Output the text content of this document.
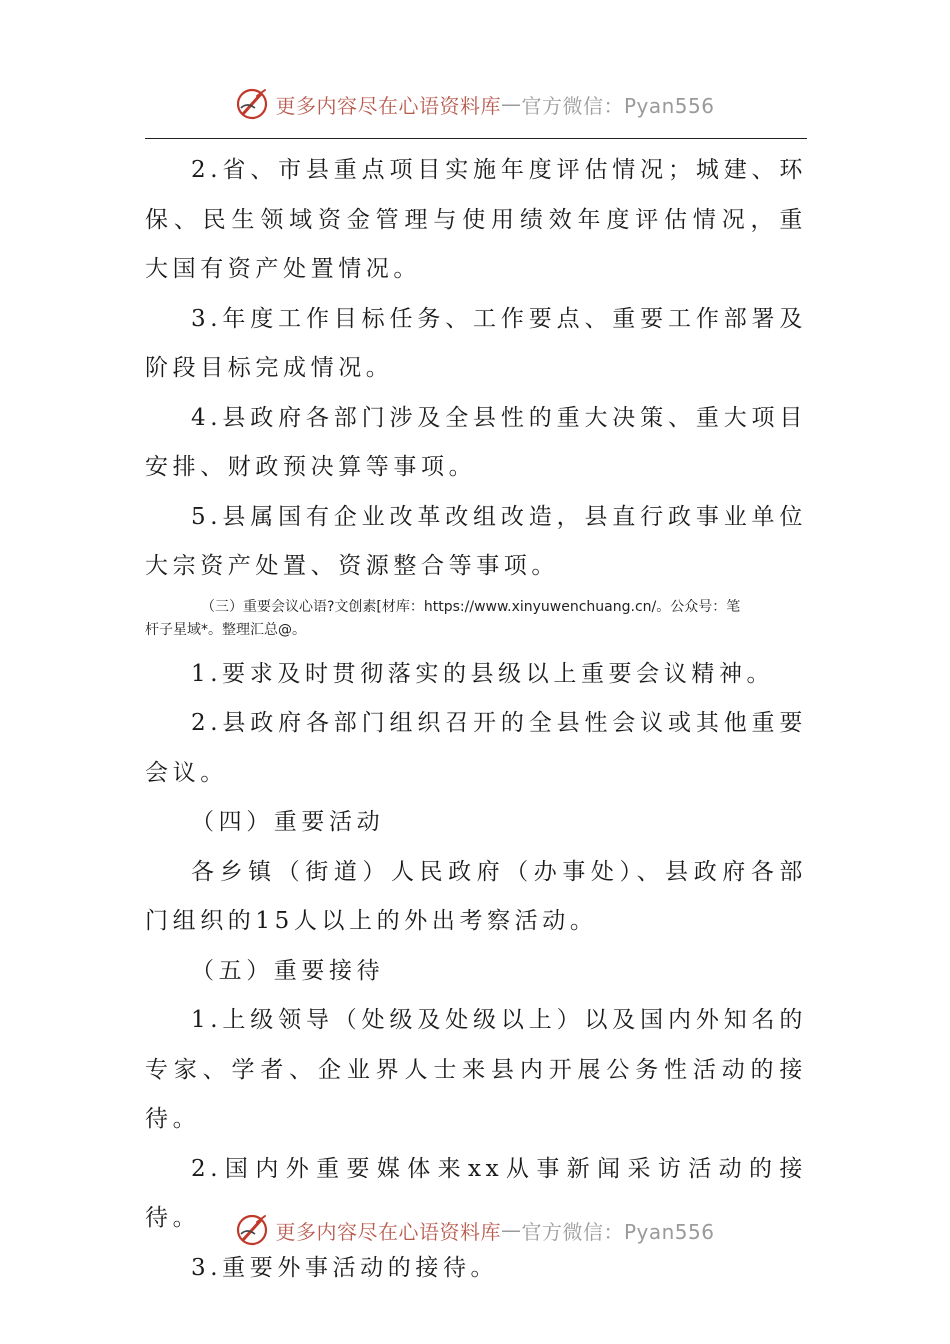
更多内容尽在心语资料库 — 官方微信：Pyan556

2.省、市县重点项目实施年度评估情况；城建、环保、民生领域资金管理与使用绩效年度评估情况，重大国有资产处置情况。

3.年度工作目标任务、工作要点、重要工作部署及阶段目标完成情况。

4.县政府各部门涉及全县性的重大决策、重大项目安排、财政预决算等事项。

5.县属国有企业改革改组改造，县直行政事业单位大宗资产处置、资源整合等事项。

（三）重要会议心语?文创素[材库：https://www.xinyuwenchuang.cn/。公众号：笔
杆子星域*。整理汇总@。

1.要求及时贯彻落实的县级以上重要会议精神。

2.县政府各部门组织召开的全县性会议或其他重要会议。

（四）重要活动

各乡镇（街道）人民政府（办事处）、县政府各部门组织的15人以上的外出考察活动。

（五）重要接待

1.上级领导（处级及处级以上）以及国内外知名的专家、学者、企业界人士来县内开展公务性活动的接待。

2.国内外重要媒体来xx从事新闻采访活动的接待。

3.重要外事活动的接待。

更多内容尽在心语资料库 — 官方微信：Pyan556
